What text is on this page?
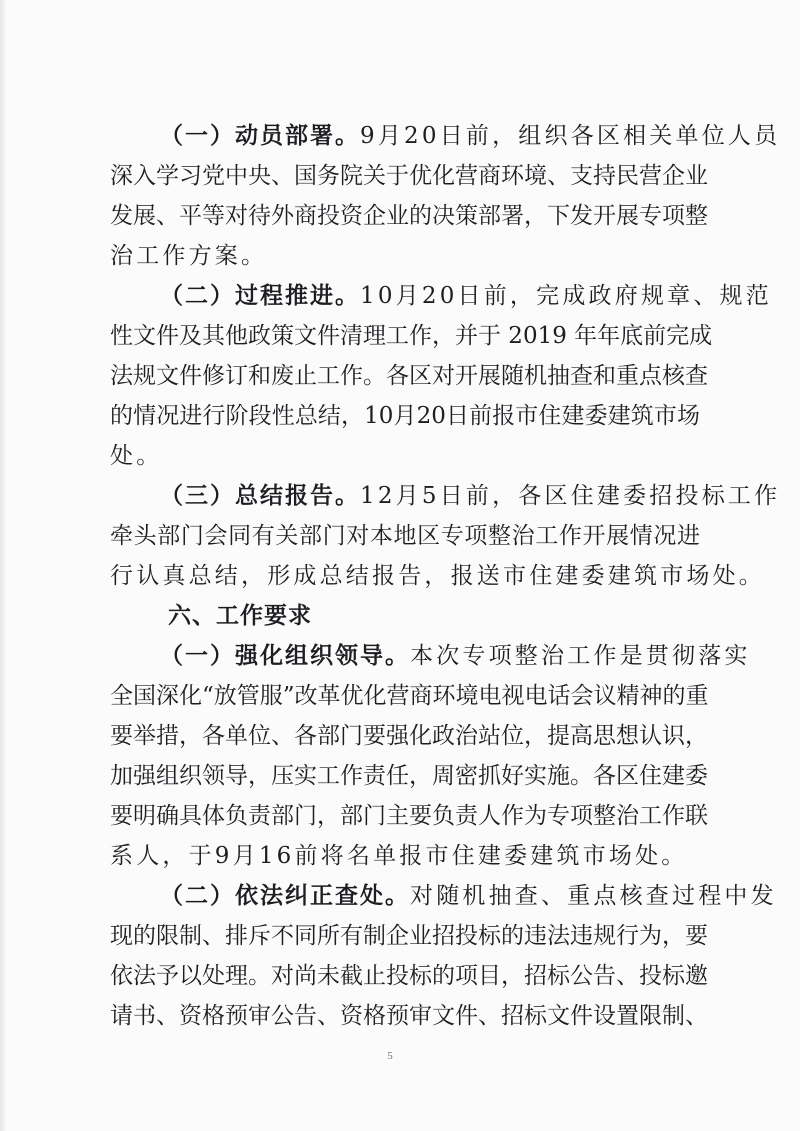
（一）动员部署。9月20日前，组织各区相关单位人员
深入学习党中央、国务院关于优化营商环境、支持民营企业
发展、平等对待外商投资企业的决策部署，下发开展专项整
治工作方案。
（二）过程推进。10月20日前，完成政府规章、规范
性文件及其他政策文件清理工作，并于 2019 年年底前完成
法规文件修订和废止工作。各区对开展随机抽查和重点核查
的情况进行阶段性总结，10月20日前报市住建委建筑市场
处。
（三）总结报告。12月5日前，各区住建委招投标工作
牵头部门会同有关部门对本地区专项整治工作开展情况进
行认真总结，形成总结报告，报送市住建委建筑市场处。
六、工作要求
（一）强化组织领导。本次专项整治工作是贯彻落实
全国深化“放管服”改革优化营商环境电视电话会议精神的重
要举措，各单位、各部门要强化政治站位，提高思想认识，
加强组织领导，压实工作责任，周密抓好实施。各区住建委
要明确具体负责部门，部门主要负责人作为专项整治工作联
系人，于9月16前将名单报市住建委建筑市场处。
（二）依法纠正查处。对随机抽查、重点核查过程中发
现的限制、排斥不同所有制企业招投标的违法违规行为，要
依法予以处理。对尚未截止投标的项目，招标公告、投标邀
请书、资格预审公告、资格预审文件、招标文件设置限制、
5
